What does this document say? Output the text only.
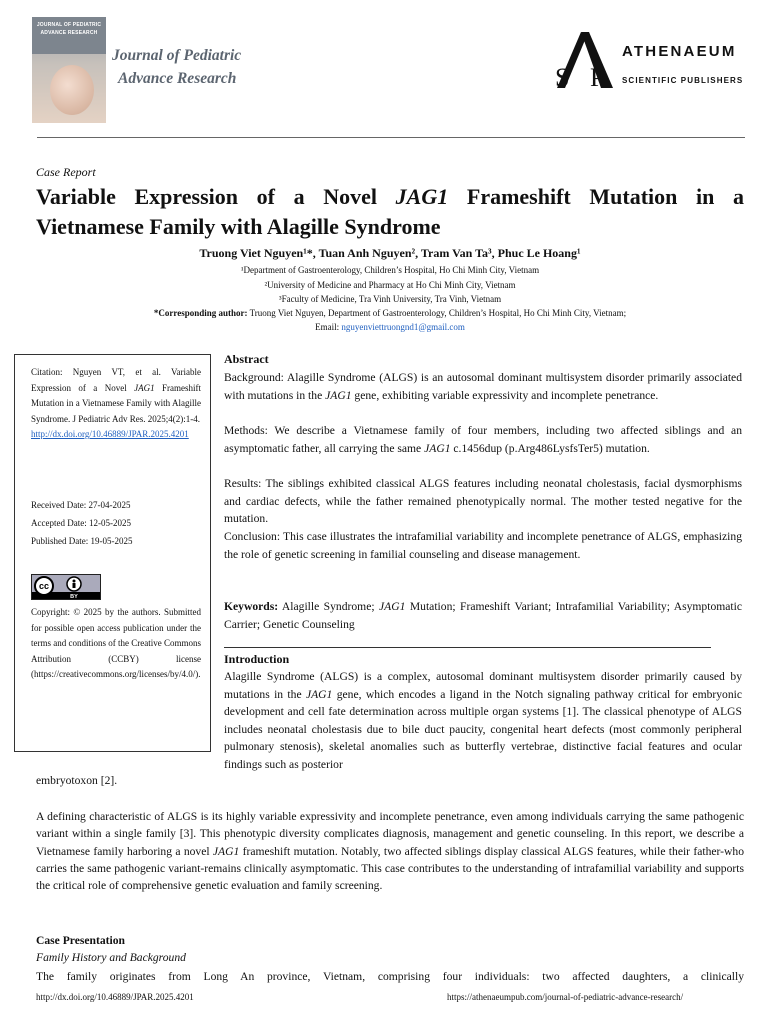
JOURNAL OF PEDIATRIC ADVANCE RESEARCH
Journal of Pediatric
Advance Research	S P
ATHENAEUM
SCIENTIFIC PUBLISHERS
Case Report
Variable Expression of a Novel JAG1 Frameshift Mutation in a
Vietnamese Family with Alagille Syndrome
Truong Viet Nguyen¹*, Tuan Anh Nguyen², Tram Van Ta³, Phuc Le Hoang¹
¹Department of Gastroenterology, Children’s Hospital, Ho Chi Minh City, Vietnam
²University of Medicine and Pharmacy at Ho Chi Minh City, Vietnam
³Faculty of Medicine, Tra Vinh University, Tra Vinh, Vietnam
*Corresponding author: Truong Viet Nguyen, Department of Gastroenterology, Children’s Hospital, Ho Chi Minh City, Vietnam;
Email: nguyenviettruongnd1@gmail.com
Citation: Nguyen VT, et al. Variable Expression of a Novel JAG1 Frameshift Mutation in a Vietnamese Family with Alagille Syndrome. J Pediatric Adv Res. 2025;4(2):1-4.
http://dx.doi.org/10.46889/JPAR.2025.4201
Received Date: 27-04-2025
Accepted Date: 12-05-2025
Published Date: 19-05-2025
cc
BY
Copyright: © 2025 by the authors. Submitted for possible open access publication under the terms and conditions of the Creative Commons Attribution (CCBY) license (https://creativecommons.org/licenses/by/4.0/).
Abstract
Background: Alagille Syndrome (ALGS) is an autosomal dominant multisystem disorder primarily associated with mutations in the JAG1 gene, exhibiting variable expressivity and incomplete penetrance.
Methods: We describe a Vietnamese family of four members, including two affected siblings and an asymptomatic father, all carrying the same JAG1 c.1456dup (p.Arg486LysfsTer5) mutation.
Results: The siblings exhibited classical ALGS features including neonatal cholestasis, facial dysmorphisms and cardiac defects, while the father remained phenotypically normal. The mother tested negative for the mutation.
Conclusion: This case illustrates the intrafamilial variability and incomplete penetrance of ALGS, emphasizing the role of genetic screening in familial counseling and disease management.
Keywords: Alagille Syndrome; JAG1 Mutation; Frameshift Variant; Intrafamilial Variability; Asymptomatic Carrier; Genetic Counseling
Introduction
Alagille Syndrome (ALGS) is a complex, autosomal dominant multisystem disorder primarily caused by mutations in the JAG1 gene, which encodes a ligand in the Notch signaling pathway critical for embryonic development and cell fate determination across multiple organ systems [1]. The classical phenotype of ALGS includes neonatal cholestasis due to bile duct paucity, congenital heart defects (most commonly peripheral pulmonary stenosis), skeletal anomalies such as butterfly vertebrae, distinctive facial features and ocular findings such as posterior
embryotoxon [2].
A defining characteristic of ALGS is its highly variable expressivity and incomplete penetrance, even among individuals carrying the same pathogenic variant within a single family [3]. This phenotypic diversity complicates diagnosis, management and genetic counseling. In this report, we describe a Vietnamese family harboring a novel JAG1 frameshift mutation. Notably, two affected siblings display classical ALGS features, while their father-who carries the same pathogenic variant-remains clinically asymptomatic. This case contributes to the understanding of intrafamilial variability and supports the critical role of comprehensive genetic evaluation and family screening.
Case Presentation
Family History and Background
The family originates from Long An province, Vietnam, comprising four individuals: two affected daughters, a clinically
http://dx.doi.org/10.46889/JPAR.2025.4201	https://athenaeumpub.com/journal-of-pediatric-advance-research/
